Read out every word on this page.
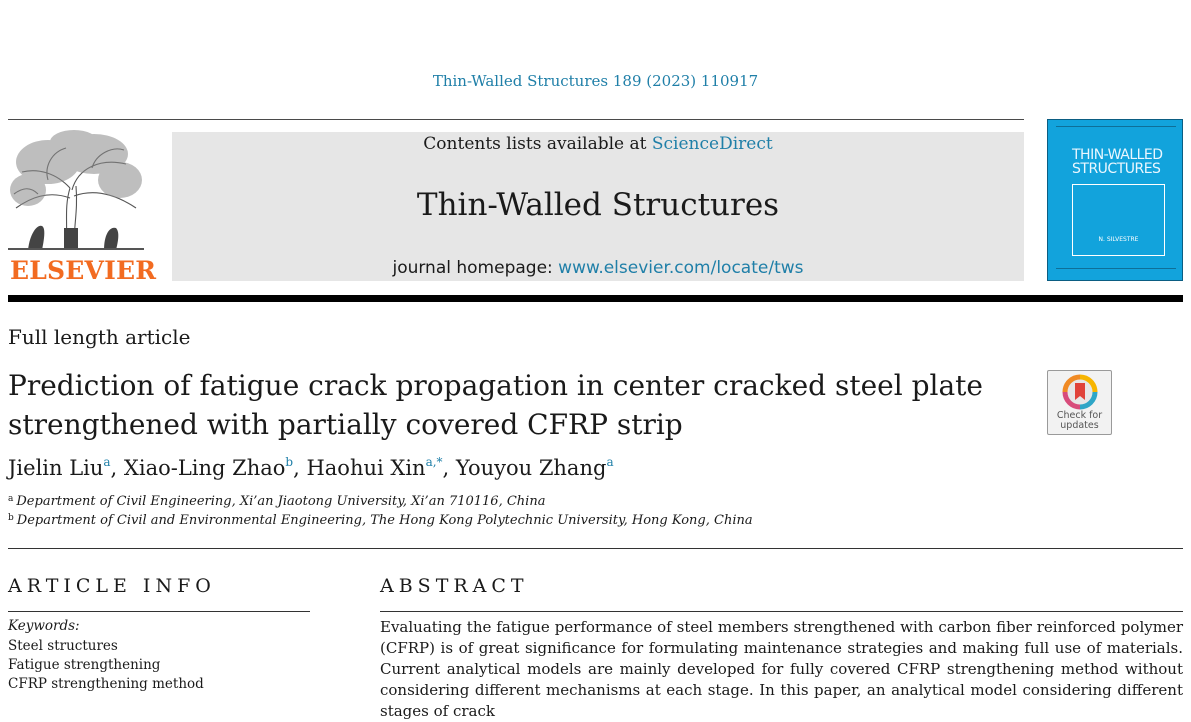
Thin-Walled Structures 189 (2023) 110917
ELSEVIER
Contents lists available at ScienceDirect
Thin-Walled Structures
journal homepage: www.elsevier.com/locate/tws
THIN-WALLED
STRUCTURES
N. SILVESTRE
Full length article
Prediction of fatigue crack propagation in center cracked steel plate strengthened with partially covered CFRP strip	Check for
updates
Jielin Liu$^a$, Xiao-Ling Zhao$^b$, Haohui Xin$^{a,*}$, Youyou Zhang$^a$
$^a$ Department of Civil Engineering, Xi’an Jiaotong University, Xi’an 710116, China
$^b$ Department of Civil and Environmental Engineering, The Hong Kong Polytechnic University, Hong Kong, China
ARTICLE INFO	ABSTRACT
Keywords:
Steel structures
Fatigue strengthening
CFRP strengthening method

Evaluating the fatigue performance of steel members strengthened with carbon fiber reinforced polymer (CFRP) is of great significance for formulating maintenance strategies and making full use of materials. Current analytical models are mainly developed for fully covered CFRP strengthening method without considering different mechanisms at each stage. In this paper, an analytical model considering different stages of crack
